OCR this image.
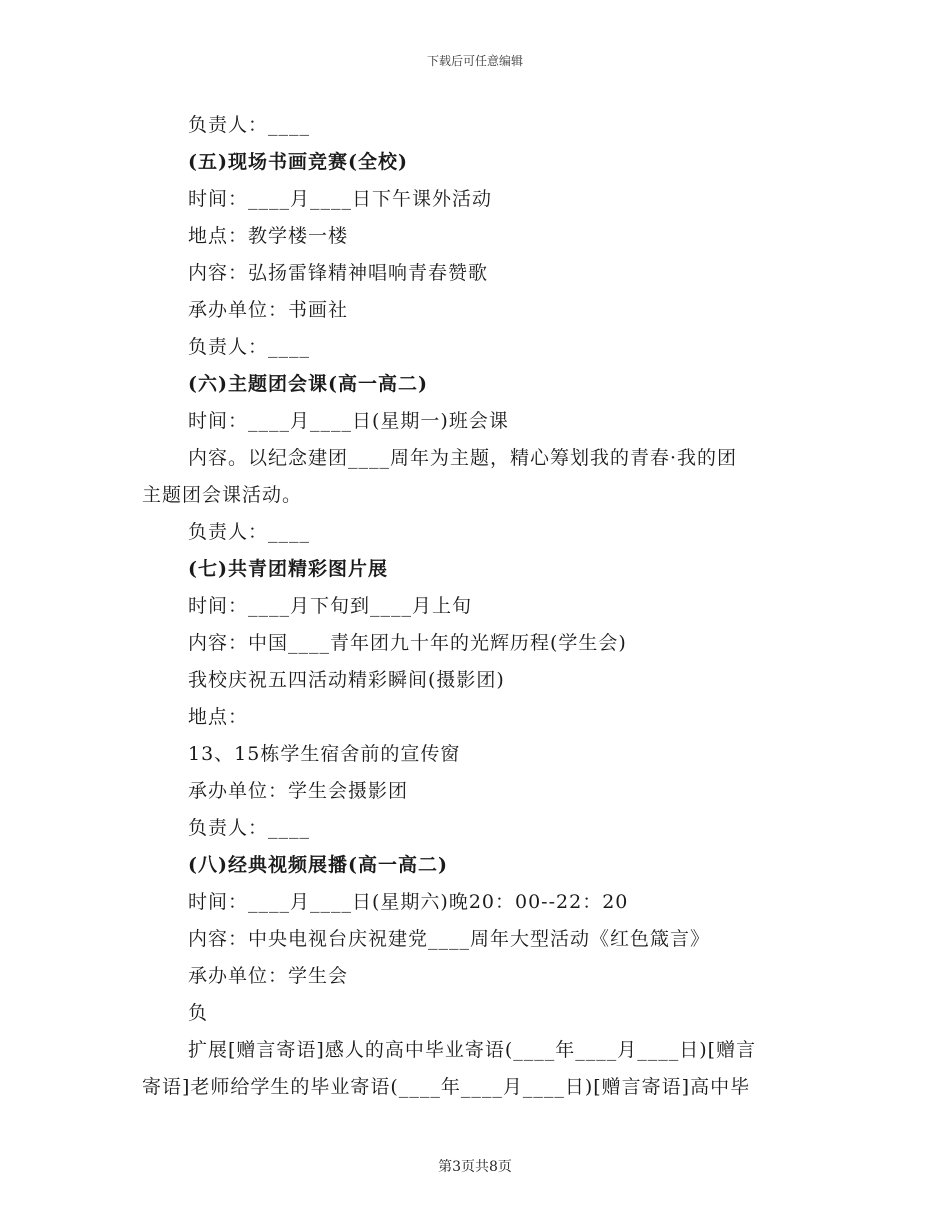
下载后可任意编辑
负责人：____
(五)现场书画竞赛(全校)
时间：____月____日下午课外活动
地点：教学楼一楼
内容：弘扬雷锋精神唱响青春赞歌
承办单位：书画社
负责人：____
(六)主题团会课(高一高二)
时间：____月____日(星期一)班会课
内容。以纪念建团____周年为主题，精心筹划我的青春·我的团
主题团会课活动。
负责人：____
(七)共青团精彩图片展
时间：____月下旬到____月上旬
内容：中国____青年团九十年的光辉历程(学生会)
我校庆祝五四活动精彩瞬间(摄影团)
地点：
13、15栋学生宿舍前的宣传窗
承办单位：学生会摄影团
负责人：____
(八)经典视频展播(高一高二)
时间：____月____日(星期六)晚20：00--22：20
内容：中央电视台庆祝建党____周年大型活动《红色箴言》
承办单位：学生会
负
扩展[赠言寄语]感人的高中毕业寄语(____年____月____日)[赠言
寄语]老师给学生的毕业寄语(____年____月____日)[赠言寄语]高中毕
第3页共8页
